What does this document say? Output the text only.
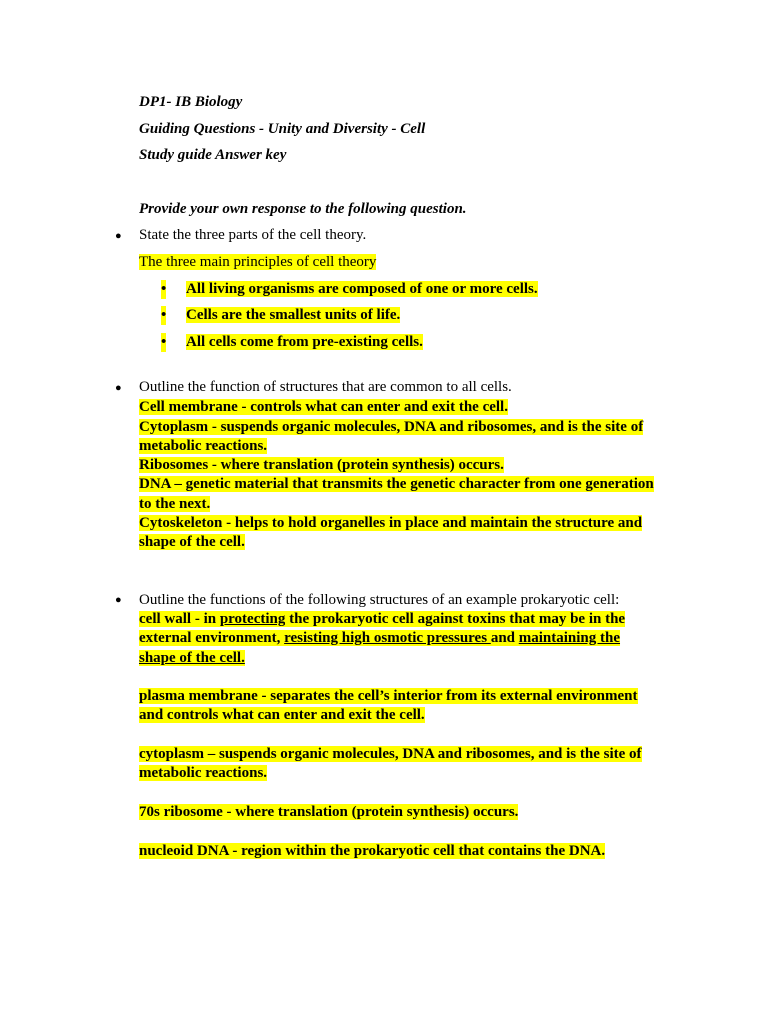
DP1- IB Biology
Guiding Questions - Unity and Diversity - Cell
Study guide Answer key
Provide your own response to the following question.
● State the three parts of the cell theory.
The three main principles of cell theory
• All living organisms are composed of one or more cells.
• Cells are the smallest units of life.
• All cells come from pre-existing cells.
● Outline the function of structures that are common to all cells.
Cell membrane - controls what can enter and exit the cell.
Cytoplasm - suspends organic molecules, DNA and ribosomes, and is the site of
metabolic reactions.
Ribosomes - where translation (protein synthesis) occurs.
DNA – genetic material that transmits the genetic character from one generation
to the next.
Cytoskeleton - helps to hold organelles in place and maintain the structure and
shape of the cell.
● Outline the functions of the following structures of an example prokaryotic cell:
cell wall - in protecting the prokaryotic cell against toxins that may be in the
external environment, resisting high osmotic pressures and maintaining the
shape of the cell.
plasma membrane - separates the cell’s interior from its external environment
and controls what can enter and exit the cell.
cytoplasm – suspends organic molecules, DNA and ribosomes, and is the site of
metabolic reactions.
70s ribosome - where translation (protein synthesis) occurs.
nucleoid DNA - region within the prokaryotic cell that contains the DNA.
